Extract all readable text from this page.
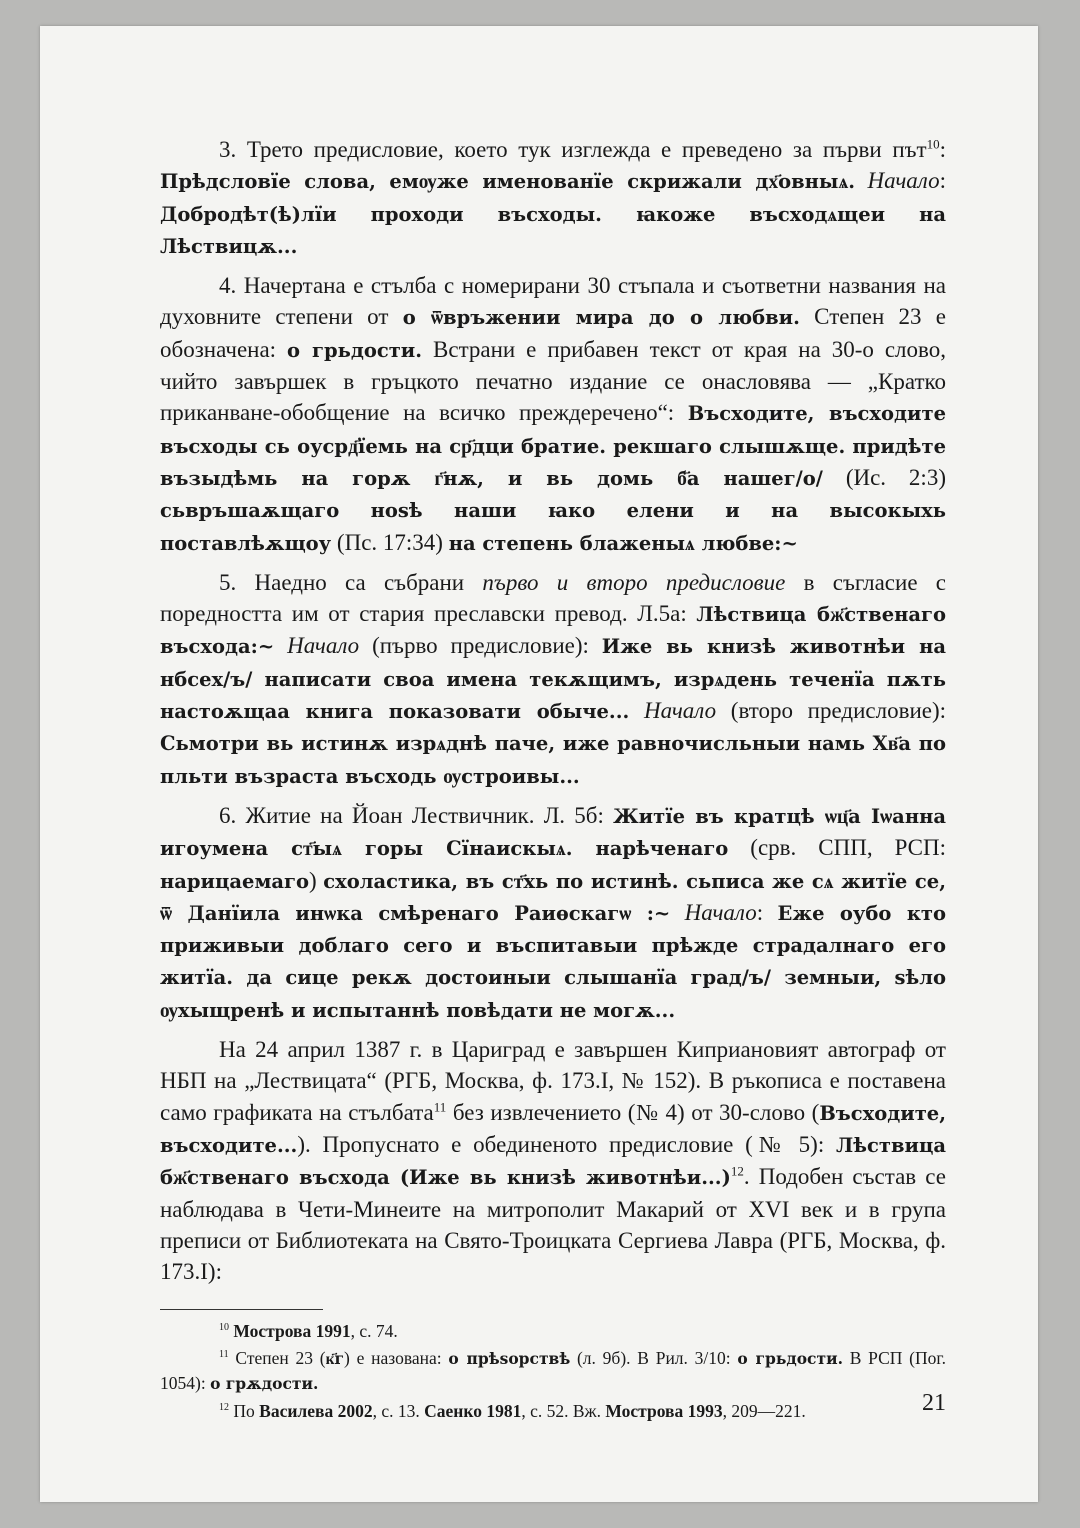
3. Трето предисловие, което тук изглежда е преведено за първи път$^{10}$: Прѣдсловїе слова, емѹже именованїе скрижали дх҃овныѧ. Начало: Добродѣт(ѣ)лїи проходи въсходы. ꙗкоже въсходѧщеи на Лѣствицѫ...

4. Начертана е стълба с номерирани 30 стъпала и съответни названия на духовните степени от о ѿвръжении мира до о любви. Степен 23 е обозначена: о грьдости. Встрани е прибавен текст от края на 30-о слово, чийто завършек в гръцкото печатно издание се онасловява — „Кратко приканване-обобщение на всичко преждеречено“: Въсходите, въсходите въсходы сь оусрд҃їемь на ср҃дци братие. рекшаго слышѫще. придѣте възыдѣмь на горѫ г҃нѫ, и вь домь б҃а нашег/о/ (Ис. 2:3) сьвръшаѫщаго ноѕѣ наши ꙗко елени и на высокыхь поставлѣѫщоу (Пс. 17:34) на степень блаженыѧ любве:~

5. Наедно са събрани първо и второ предисловие в съгласие с поредността им от стария преславски превод. Л.5а: Лѣствица бж҃ственаго въсхода:~ Начало (първо предисловие): Иже вь книзѣ животнѣи на нбсех/ъ/ написати своа имена текѫщимъ, изрѧдень теченїа пѫть настоѫщаа книга показовати обыче... Начало (второ предисловие): Сьмотри вь истинѫ изрѧднѣ паче, иже равночисльныи намь Хв҃а по пльти възраста въсходь ѹстроивы...

6. Житие на Йоан Лествичник. Л. 5б: Житїе въ кратцѣ ѡц҃а Іѡанна игоумена ст҃ыѧ горы Сїнаискыѧ. нарѣченаго (срв. СПП, РСП: нарицаемаго) схоластика, въ ст҃хь по истинѣ. сьписа же сѧ житїе се, ѿ Данїила инѡка смѣренаго Раиѳскагѡ :~ Начало: Еже оубо кто приживыи доблаго сего и въспитавыи прѣжде страдалнаго его житїа. да сице рекѫ достоиныи слышанїа град/ъ/ земныи, ѕѣло ѹхыщренѣ и испытаннѣ повѣдати не могѫ...

На 24 април 1387 г. в Цариград е завършен Киприановият автограф от НБП на „Лествицата“ (РГБ, Москва, ф. 173.I, № 152). В ръкописа е поставена само графиката на стълбата$^{11}$ без извлечението (№ 4) от 30-слово (Въсходите, въсходите...). Пропуснато е обединеното предисловие (№ 5): Лѣствица бж҃ственаго въсхода (Иже вь книзѣ животнѣи...)$^{12}$. Подобен състав се наблюдава в Чети-Минеите на митрополит Макарий от XVI век и в група преписи от Библиотеката на Свято-Троицката Сергиева Лавра (РГБ, Москва, ф. 173.I):

$^{10}$ Мострова 1991, с. 74.

$^{11}$ Степен 23 (к҃г) е назована: о прѣѕорствѣ (л. 9б). В Рил. 3/10: о грьдости. В РСП (Пог. 1054): о грѫдости.

$^{12}$ По Василева 2002, с. 13. Саенко 1981, с. 52. Вж. Мострова 1993, 209—221.	21
